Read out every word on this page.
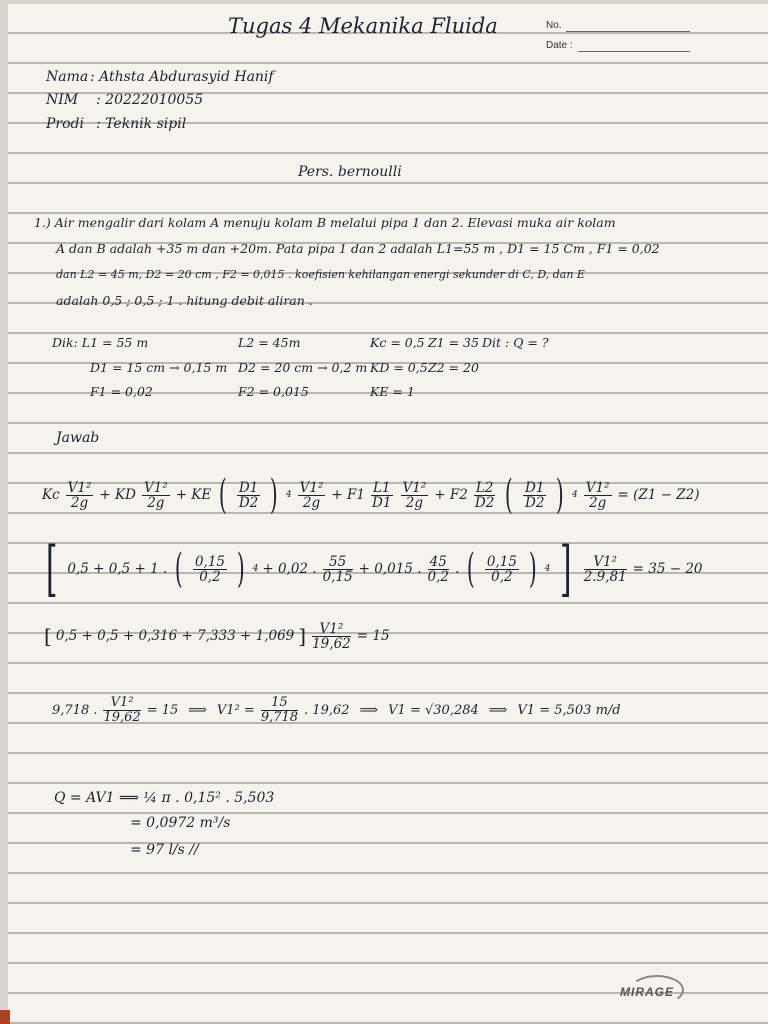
Tugas 4 Mekanika Fluida	No.
Date :
Nama : Athsta Abdurasyid Hanif
NIM : 20222010055
Prodi : Teknik sipil
Pers. bernoulli
1.) Air mengalir dari kolam A menuju kolam B melalui pipa 1 dan 2. Elevasi muka air kolam
A dan B adalah +35 m dan +20m. Pata pipa 1 dan 2 adalah L1=55 m , D1 = 15 Cm , F1 = 0,02
dan L2 = 45 m, D2 = 20 cm , F2 = 0,015 . koefisien kehilangan energi sekunder di C, D, dan E
adalah 0,5 ; 0,5 ; 1 . hitung debit aliran .
Dik: L1 = 55 m	L2 = 45m	Kc = 0,5 Z1 = 35 Dit : Q = ?
D1 = 15 cm → 0,15 m D2 = 20 cm → 0,2 m KD = 0,5 Z2 = 20
F1 = 0,02	F2 = 0,015	KE = 1
Jawab
Kc $\frac{\text{V1²}}{2g}$ + KD $\frac{\text{V1²}}{2g}$ + KE ( $\frac{D1}{D2}$ ) $4 \frac{\text{V1²}}{2g} + F1 \frac{L1}{D1} \frac{\text{V1²}}{2g} + F2 \frac{L2}{D2}$ ( $\frac{D1}{D2}$ ) $4 \frac{\text{V1²}}{2g} = (Z1 - Z2)$
[ 0,5 + 0,5 + 1 . ( $\frac{0,15}{0,2}$ ) 4 + 0,02 . $\frac{55}{0,15} + 0,015$ . $\frac{45}{0,2}$ . ( $\frac{0,15}{0,2}$ ) 4 ] $\frac{\text{V1²}}{2.9,81} = 35 - 20$
[ 0,5 + 0,5 + 0,316 + 7,333 + 1,069 ] $\frac{\text{V1²}}{19,62} = 15$
9,718 . $\frac{\text{V1²}}{19,62} = 15$ ⟹ $V1^2 = \frac{15}{9,718}$ . 19,62 ⟹ V1 = √30,284 ⟹ V1 = 5,503 m/d
Q = AV1 ⟹ ¼ π . 0,15² . 5,503
= 0,0972 m³/s
= 97 l/s //
MIRAGE
